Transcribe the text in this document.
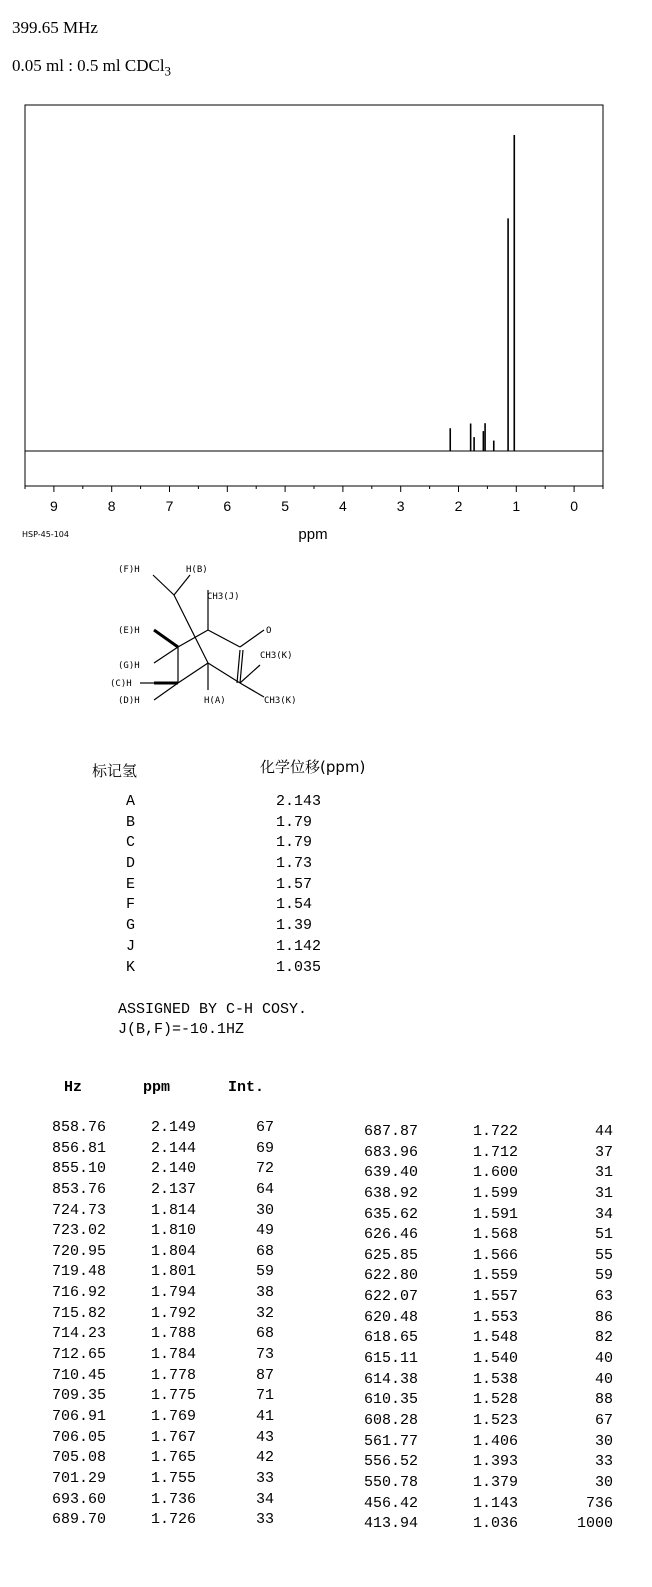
399.65 MHz
0.05 ml : 0.5 ml CDCl$_3$
9	8	7	6	5	4	3	2	1	0
ppm
HSP-45-104
(F)H	H(B)
CH3(J)
(E)H	O
CH3(K)
(G)H
(C)H
(D)H	H(A)	CH3(K)
标记氢	化学位移(ppm)
A	2.143
B	1.79
C	1.79
D	1.73
E	1.57
F	1.54
G	1.39
J	1.142
K	1.035
ASSIGNED BY C-H COSY.
J(B,F)=-10.1HZ
Hz	ppm	Int.
858.76	2.149	67
856.81	2.144	69
855.10	2.140	72
853.76	2.137	64
724.73	1.814	30
723.02	1.810	49
720.95	1.804	68
719.48	1.801	59
716.92	1.794	38
715.82	1.792	32
714.23	1.788	68
712.65	1.784	73
710.45	1.778	87
709.35	1.775	71
706.91	1.769	41
706.05	1.767	43
705.08	1.765	42
701.29	1.755	33
693.60	1.736	34
689.70	1.726	33
687.87	1.722	44
683.96	1.712	37
639.40	1.600	31
638.92	1.599	31
635.62	1.591	34
626.46	1.568	51
625.85	1.566	55
622.80	1.559	59
622.07	1.557	63
620.48	1.553	86
618.65	1.548	82
615.11	1.540	40
614.38	1.538	40
610.35	1.528	88
608.28	1.523	67
561.77	1.406	30
556.52	1.393	33
550.78	1.379	30
456.42	1.143	736
413.94	1.036	1000
